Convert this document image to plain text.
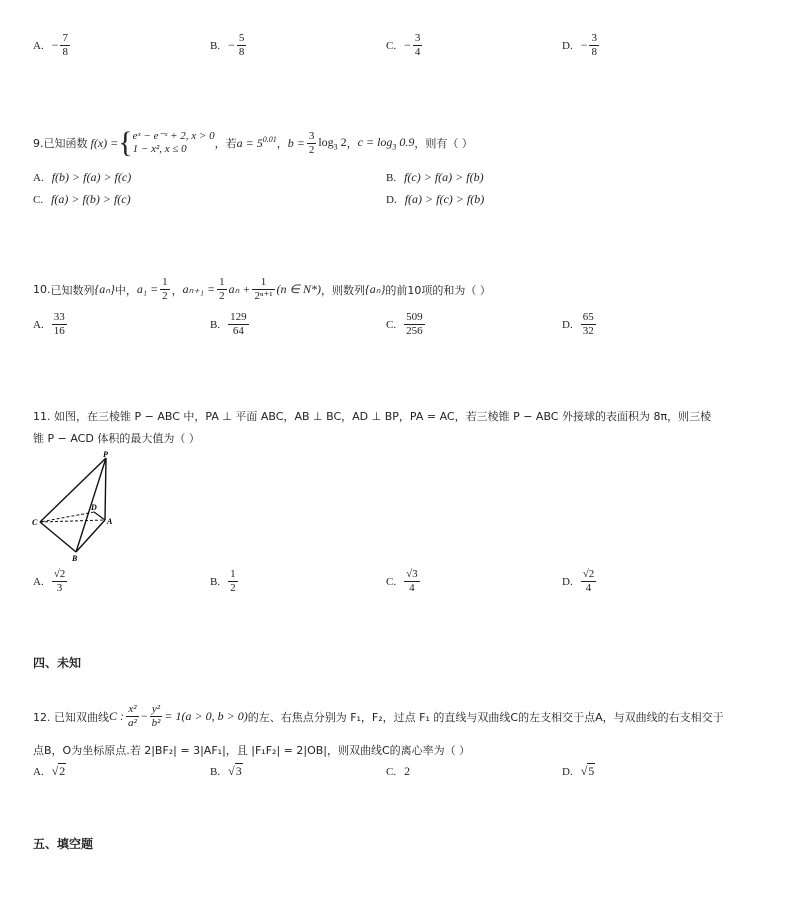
A. − $\frac{7}{8}$	B. − $\frac{5}{8}$	C. − $\frac{3}{4}$	D. − $\frac{3}{8}$
9. 已知函数 f(x) = { eˣ − e⁻ˣ + 2, x > 0
1 − x², x ≤ 0	，若 $a = 5^{0.01}$ ， $b = \frac{3}{2} \log_3 2$ ， $c = \log_3 0.9$ ，则有（ ）
A. f(b) > f(a) > f(c)	B. f(c) > f(a) > f(b)
C. f(a) > f(b) > f(c)	D. f(a) > f(c) > f(b)
10. 已知数列 {aₙ} 中， $a_1 = \frac{1}{2}$ ， $a_{n+1} = \frac{1}{2}$ $a_n + \frac{1}{\text{2ⁿ⁺¹}} (n$ ∈ N*) ，则数列 {aₙ} 的前10项的和为（ ）
A. $\frac{33}{16}$	B. $\frac{129}{64}$	C. $\frac{509}{256}$	D. $\frac{65}{32}$
11. 如图，在三棱锥 P − ABC 中，PA ⊥ 平面 ABC，AB ⊥ BC，AD ⊥ BP，PA = AC，若三棱锥 P − ABC 外接球的表面积为 8π，则三棱
锥 P − ACD 体积的最大值为（ ）
P
C
D
A
B
A. $\frac{√2}{3}$	B. $\frac{1}{2}$	C. $\frac{√3}{4}$	D. $\frac{√2}{4}$
四、未知
12. 已知双曲线 C : $\frac{\text{x²}}{\text{a²}} - \frac{\text{y²}}{\text{b²}} = 1(a > 0$, b > 0) 的左、右焦点分别为 F₁，F₂，过点 F₁ 的直线与双曲线C的左支相交于点A，与双曲线的右支相交于
点B，O为坐标原点.若 2|BF₂| = 3|AF₁|，且 |F₁F₂| = 2|OB|，则双曲线C的离心率为（ ）
A. √2	B. √3	C. 2	D. √5
五、填空题
